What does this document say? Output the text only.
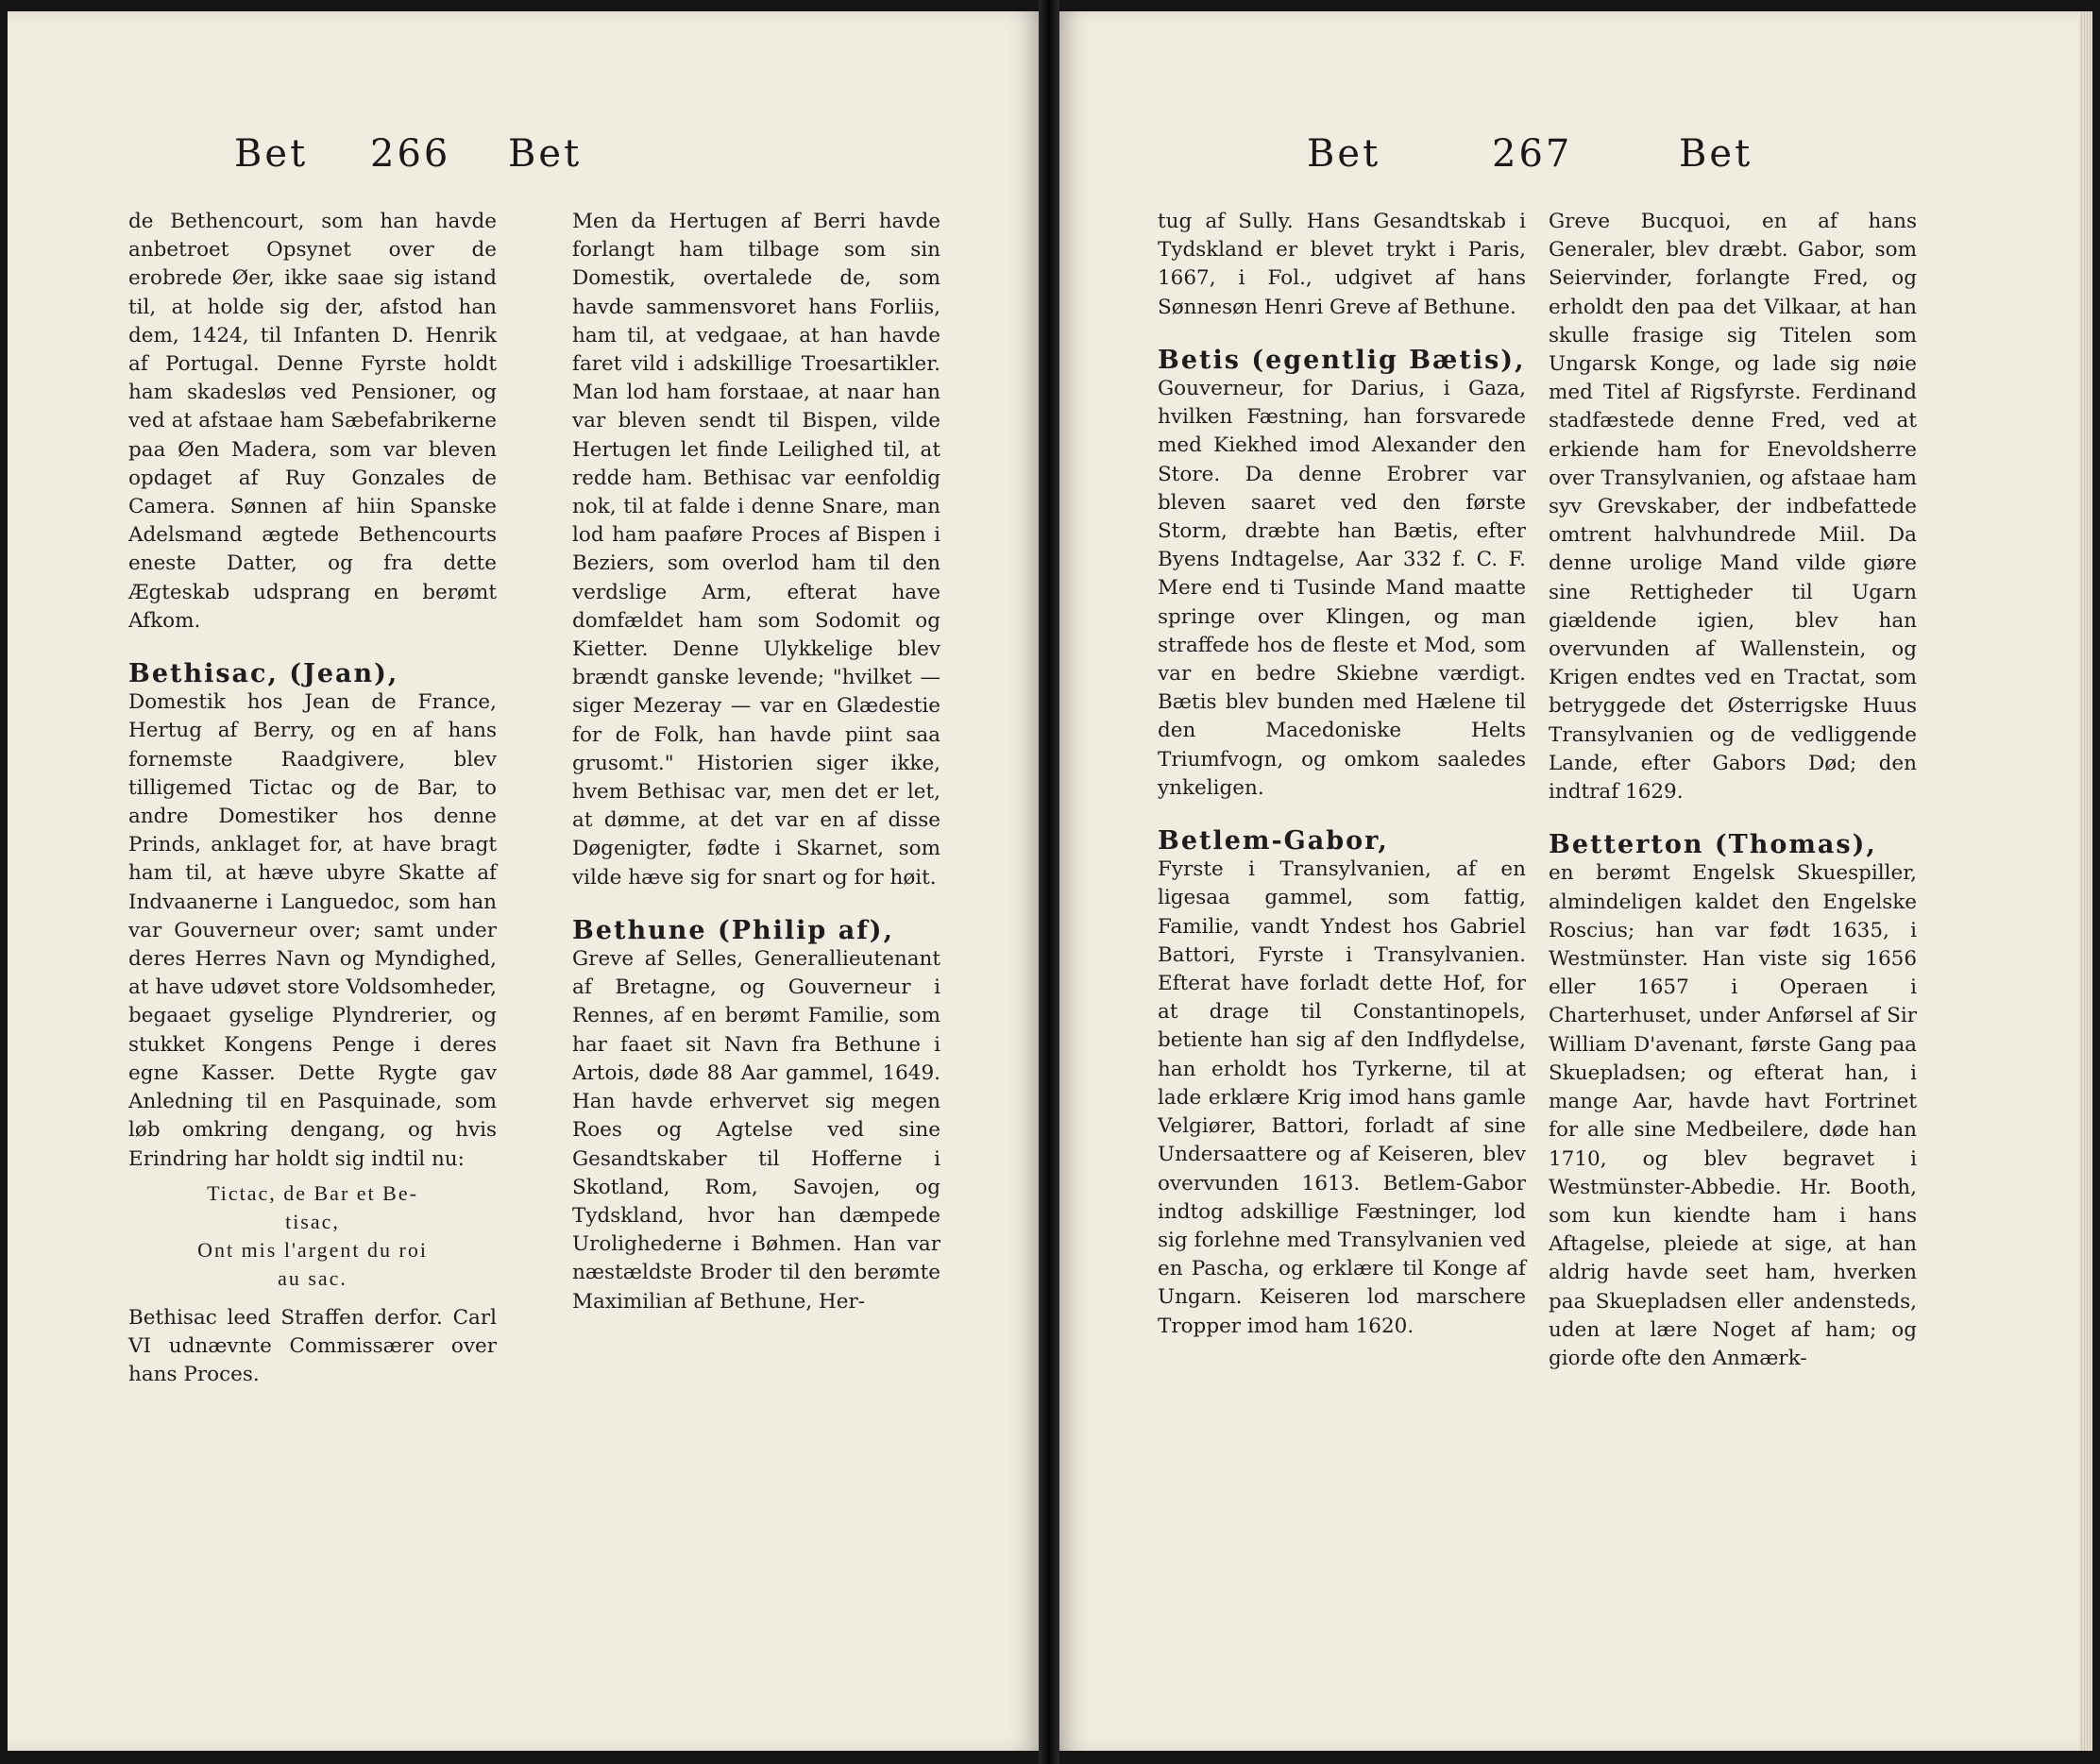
Bet 266 Bet

de Bethencourt, som han havde anbetroet Opsynet over de erobrede Øer, ikke saae sig istand til, at holde sig der, afstod han dem, 1424, til Infanten D. Henrik af Portugal. Denne Fyrste holdt ham skadesløs ved Pensioner, og ved at afstaae ham Sæbefabrikerne paa Øen Madera, som var bleven opdaget af Ruy Gonzales de Camera. Sønnen af hiin Spanske Adelsmand ægtede Bethencourts eneste Datter, og fra dette Ægteskab udsprang en berømt Afkom.

Bethisac, (Jean),

Domestik hos Jean de France, Hertug af Berry, og en af hans fornemste Raadgivere, blev tilligemed Tictac og de Bar, to andre Domestiker hos denne Prinds, anklaget for, at have bragt ham til, at hæve ubyre Skatte af Indvaanerne i Languedoc, som han var Gouverneur over; samt under deres Herres Navn og Myndighed, at have udøvet store Voldsomheder, begaaet gyselige Plyndrerier, og stukket Kongens Penge i deres egne Kasser. Dette Rygte gav Anledning til en Pasquinade, som løb omkring dengang, og hvis Erindring har holdt sig indtil nu:

Tictac, de Bar et Be-
tisac,
Ont mis l'argent du roi
au sac.

Bethisac leed Straffen derfor. Carl VI udnævnte Commissærer over hans Proces.

Men da Hertugen af Berri havde forlangt ham tilbage som sin Domestik, overtalede de, som havde sammensvoret hans Forliis, ham til, at vedgaae, at han havde faret vild i adskillige Troesartikler. Man lod ham forstaae, at naar han var bleven sendt til Bispen, vilde Hertugen let finde Leilighed til, at redde ham. Bethisac var eenfoldig nok, til at falde i denne Snare, man lod ham paaføre Proces af Bispen i Beziers, som overlod ham til den verdslige Arm, efterat have domfældet ham som Sodomit og Kietter. Denne Ulykkelige blev brændt ganske levende; "hvilket — siger Mezeray — var en Glædestie for de Folk, han havde piint saa grusomt." Historien siger ikke, hvem Bethisac var, men det er let, at dømme, at det var en af disse Døgenigter, fødte i Skarnet, som vilde hæve sig for snart og for høit.

Bethune (Philip af),

Greve af Selles, Generallieutenant af Bretagne, og Gouverneur i Rennes, af en berømt Familie, som har faaet sit Navn fra Bethune i Artois, døde 88 Aar gammel, 1649. Han havde erhvervet sig megen Roes og Agtelse ved sine Gesandtskaber til Hofferne i Skotland, Rom, Savojen, og Tydskland, hvor han dæmpede Urolighederne i Bøhmen. Han var næstældste Broder til den berømte Maximilian af Bethune, Her-

Bet	267	Bet

tug af Sully. Hans Gesandtskab i Tydskland er blevet trykt i Paris, 1667, i Fol., udgivet af hans Sønnesøn Henri Greve af Bethune.

Betis (egentlig Bætis),

Gouverneur, for Darius, i Gaza, hvilken Fæstning, han forsvarede med Kiekhed imod Alexander den Store. Da denne Erobrer var bleven saaret ved den første Storm, dræbte han Bætis, efter Byens Indtagelse, Aar 332 f. C. F. Mere end ti Tusinde Mand maatte springe over Klingen, og man straffede hos de fleste et Mod, som var en bedre Skiebne værdigt. Bætis blev bunden med Hælene til den Macedoniske Helts Triumfvogn, og omkom saaledes ynkeligen.

Betlem-Gabor,

Fyrste i Transylvanien, af en ligesaa gammel, som fattig, Familie, vandt Yndest hos Gabriel Battori, Fyrste i Transylvanien. Efterat have forladt dette Hof, for at drage til Constantinopels, betiente han sig af den Indflydelse, han erholdt hos Tyrkerne, til at lade erklære Krig imod hans gamle Velgiører, Battori, forladt af sine Undersaattere og af Keiseren, blev overvunden 1613. Betlem-Gabor indtog adskillige Fæstninger, lod sig forlehne med Transylvanien ved en Pascha, og erklære til Konge af Ungarn. Keiseren lod marschere Tropper imod ham 1620.

Greve Bucquoi, en af hans Generaler, blev dræbt. Gabor, som Seiervinder, forlangte Fred, og erholdt den paa det Vilkaar, at han skulle frasige sig Titelen som Ungarsk Konge, og lade sig nøie med Titel af Rigsfyrste. Ferdinand stadfæstede denne Fred, ved at erkiende ham for Enevoldsherre over Transylvanien, og afstaae ham syv Grevskaber, der indbefattede omtrent halvhundrede Miil. Da denne urolige Mand vilde giøre sine Rettigheder til Ugarn giældende igien, blev han overvunden af Wallenstein, og Krigen endtes ved en Tractat, som betryggede det Østerrigske Huus Transylvanien og de vedliggende Lande, efter Gabors Død; den indtraf 1629.

Betterton (Thomas),

en berømt Engelsk Skuespiller, almindeligen kaldet den Engelske Roscius; han var født 1635, i Westmünster. Han viste sig 1656 eller 1657 i Operaen i Charterhuset, under Anførsel af Sir William D'avenant, første Gang paa Skuepladsen; og efterat han, i mange Aar, havde havt Fortrinet for alle sine Medbeilere, døde han 1710, og blev begravet i Westmünster-Abbedie. Hr. Booth, som kun kiendte ham i hans Aftagelse, pleiede at sige, at han aldrig havde seet ham, hverken paa Skuepladsen eller andensteds, uden at lære Noget af ham; og giorde ofte den Anmærk-
